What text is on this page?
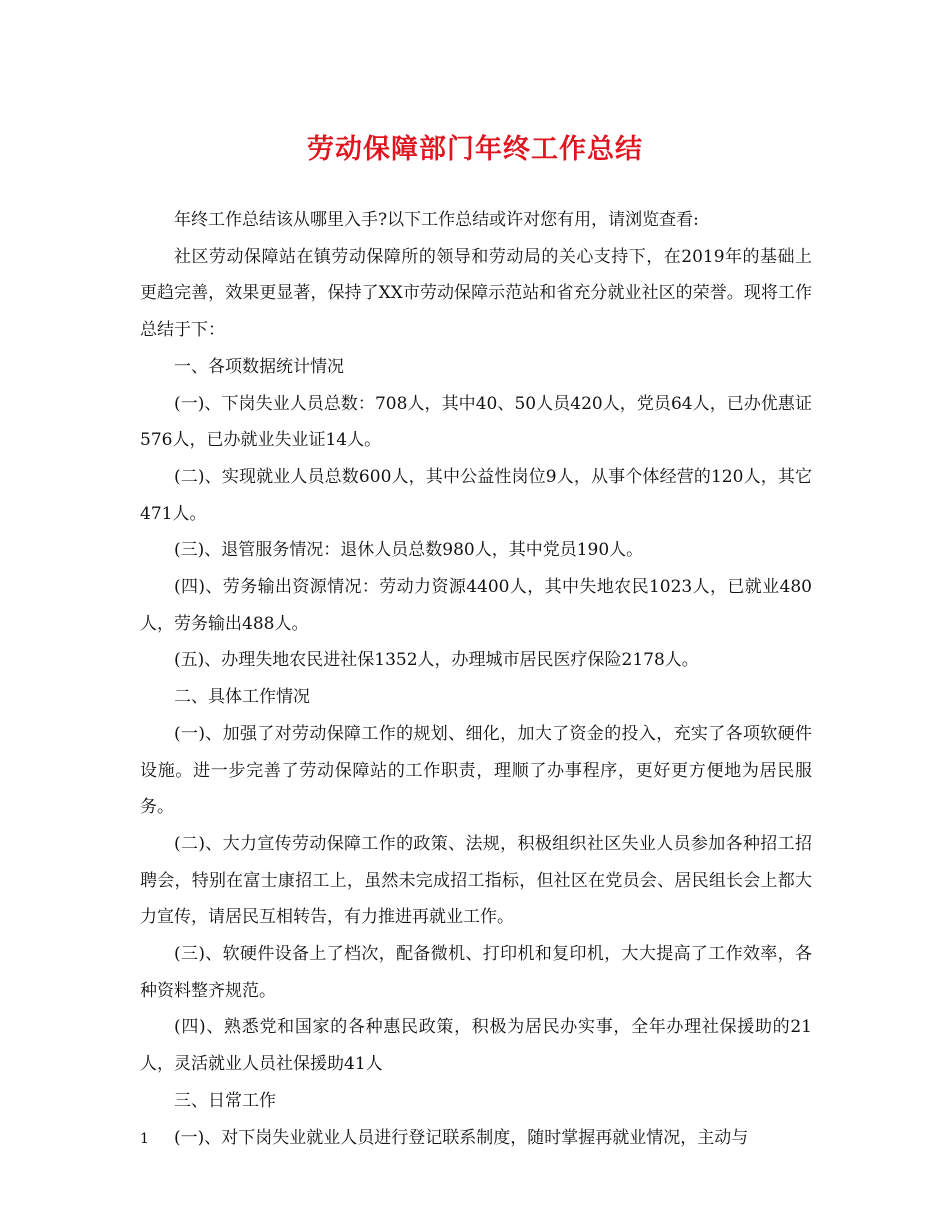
劳动保障部门年终工作总结

年终工作总结该从哪里入手?以下工作总结或许对您有用，请浏览查看:

社区劳动保障站在镇劳动保障所的领导和劳动局的关心支持下，在2019年的基础上更趋完善，效果更显著，保持了XX市劳动保障示范站和省充分就业社区的荣誉。现将工作总结于下：

一、各项数据统计情况

(一)、下岗失业人员总数：708人，其中40、50人员420人，党员64人，已办优惠证576人，已办就业失业证14人。

(二)、实现就业人员总数600人，其中公益性岗位9人，从事个体经营的120人，其它471人。

(三)、退管服务情况：退休人员总数980人，其中党员190人。

(四)、劳务输出资源情况：劳动力资源4400人，其中失地农民1023人，已就业480人，劳务输出488人。

(五)、办理失地农民进社保1352人，办理城市居民医疗保险2178人。

二、具体工作情况

(一)、加强了对劳动保障工作的规划、细化，加大了资金的投入，充实了各项软硬件设施。进一步完善了劳动保障站的工作职责，理顺了办事程序，更好更方便地为居民服务。

(二)、大力宣传劳动保障工作的政策、法规，积极组织社区失业人员参加各种招工招聘会，特别在富士康招工上，虽然未完成招工指标，但社区在党员会、居民组长会上都大力宣传，请居民互相转告，有力推进再就业工作。

(三)、软硬件设备上了档次，配备微机、打印机和复印机，大大提高了工作效率，各种资料整齐规范。

(四)、熟悉党和国家的各种惠民政策，积极为居民办实事，全年办理社保援助的21人，灵活就业人员社保援助41人

三、日常工作

(一)、对下岗失业就业人员进行登记联系制度，随时掌握再就业情况，主动与

1
